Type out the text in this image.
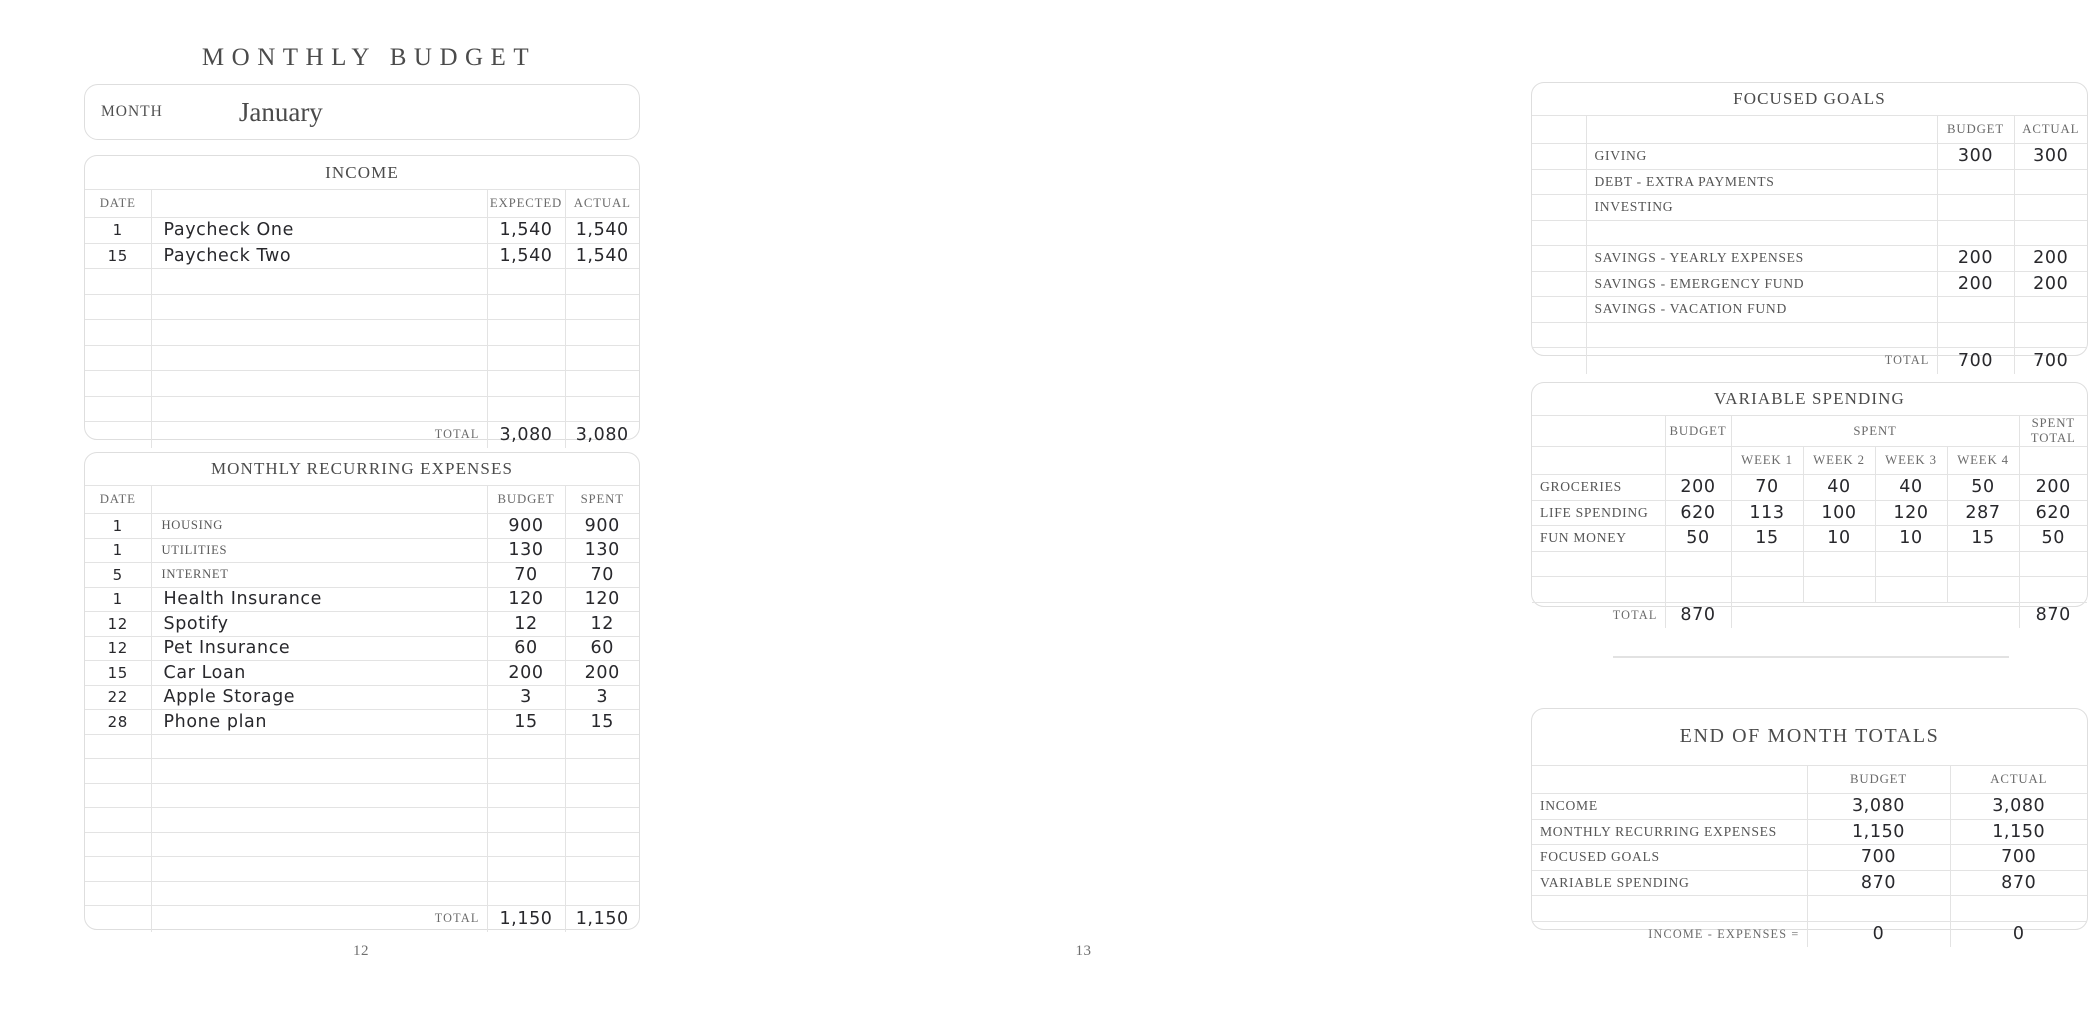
MONTHLY BUDGET
MONTH	January
INCOME
DATE		EXPECTED	ACTUAL
1	Paycheck One	1,540	1,540
15	Paycheck Two	1,540	1,540

	TOTAL	3,080	3,080
MONTHLY RECURRING EXPENSES
DATE		BUDGET	SPENT
1	HOUSING	900	900
1	UTILITIES	130	130
5	INTERNET	70	70
1	Health Insurance	120	120
12	Spotify	12	12
12	Pet Insurance	60	60
15	Car Loan	200	200
22	Apple Storage	3	3
28	Phone plan	15	15

	TOTAL	1,150	1,150
12
FOCUSED GOALS
		BUDGET	ACTUAL
	GIVING	300	300
	DEBT - EXTRA PAYMENTS		
	INVESTING		

	SAVINGS - YEARLY EXPENSES	200	200
	SAVINGS - EMERGENCY FUND	200	200
	SAVINGS - VACATION FUND		

	TOTAL	700	700
VARIABLE SPENDING
	BUDGET	SPENT				SPENT TOTAL
		WEEK 1	WEEK 2	WEEK 3	WEEK 4	
GROCERIES	200	70	40	40	50	200
LIFE SPENDING	620	113	100	120	287	620
FUN MONEY	50	15	10	10	15	50

TOTAL	870					870
END OF MONTH TOTALS
	BUDGET	ACTUAL
INCOME	3,080	3,080
MONTHLY RECURRING EXPENSES	1,150	1,150
FOCUSED GOALS	700	700
VARIABLE SPENDING	870	870

INCOME - EXPENSES =	0	0
13
